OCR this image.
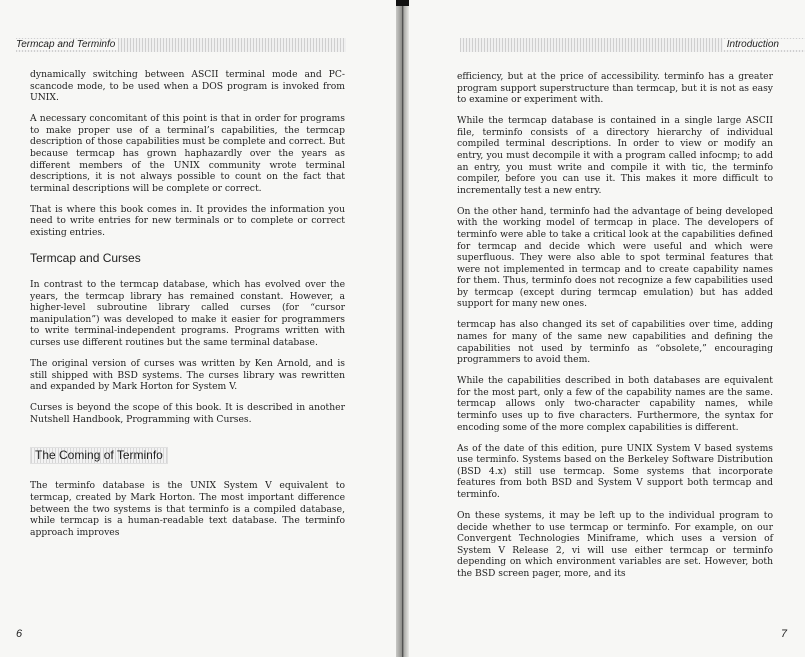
Termcap and Terminfo

dynamically switching between ASCII terminal mode and PC-scancode mode, to be used when a DOS program is invoked from UNIX.

A necessary concomitant of this point is that in order for programs to make proper use of a terminal’s capabilities, the termcap description of those capabilities must be complete and correct. But because termcap has grown haphazardly over the years as different members of the UNIX community wrote terminal descriptions, it is not always possible to count on the fact that terminal descriptions will be complete or correct.

That is where this book comes in. It provides the information you need to write entries for new terminals or to complete or correct existing entries.

Termcap and Curses

In contrast to the termcap database, which has evolved over the years, the termcap library has remained constant. However, a higher-level subroutine library called curses (for “cursor manipulation”) was developed to make it easier for programmers to write terminal-independent programs. Programs written with curses use different routines but the same terminal database.

The original version of curses was written by Ken Arnold, and is still shipped with BSD systems. The curses library was rewritten and expanded by Mark Horton for System V.

Curses is beyond the scope of this book. It is described in another Nutshell Handbook, Programming with Curses.

The Coming of Terminfo

The terminfo database is the UNIX System V equivalent to termcap, created by Mark Horton. The most important difference between the two systems is that terminfo is a compiled database, while termcap is a human-readable text database. The terminfo approach improves

6
Introduction

efficiency, but at the price of accessibility. terminfo has a greater program support superstructure than termcap, but it is not as easy to examine or experiment with.

While the termcap database is contained in a single large ASCII file, terminfo consists of a directory hierarchy of individual compiled terminal descriptions. In order to view or modify an entry, you must decompile it with a program called infocmp; to add an entry, you must write and compile it with tic, the terminfo compiler, before you can use it. This makes it more difficult to incrementally test a new entry.

On the other hand, terminfo had the advantage of being developed with the working model of termcap in place. The developers of terminfo were able to take a critical look at the capabilities defined for termcap and decide which were useful and which were superfluous. They were also able to spot terminal features that were not implemented in termcap and to create capability names for them. Thus, terminfo does not recognize a few capabilities used by termcap (except during termcap emulation) but has added support for many new ones.

termcap has also changed its set of capabilities over time, adding names for many of the same new capabilities and defining the capabilities not used by terminfo as “obsolete,” encouraging programmers to avoid them.

While the capabilities described in both databases are equivalent for the most part, only a few of the capability names are the same. termcap allows only two-character capability names, while terminfo uses up to five characters. Furthermore, the syntax for encoding some of the more complex capabilities is different.

As of the date of this edition, pure UNIX System V based systems use terminfo. Systems based on the Berkeley Software Distribution (BSD 4.x) still use termcap. Some systems that incorporate features from both BSD and System V support both termcap and terminfo.

On these systems, it may be left up to the individual program to decide whether to use termcap or terminfo. For example, on our Convergent Technologies Miniframe, which uses a version of System V Release 2, vi will use either termcap or terminfo depending on which environment variables are set. However, both the BSD screen pager, more, and its

7
